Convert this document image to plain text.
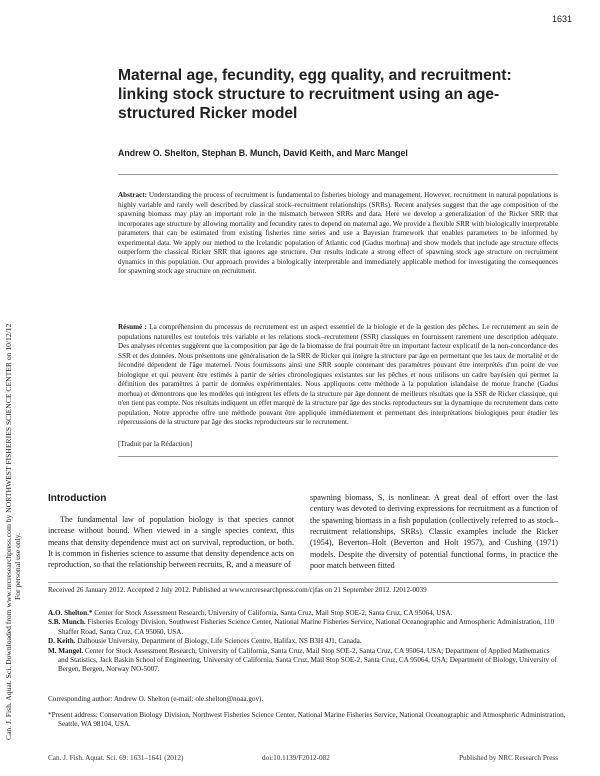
1631
Can. J. Fish. Aquat. Sci. Downloaded from www.nrcresearchpress.com by NORTHWEST FISHERIES SCIENCE CENTER on 10/12/12 For personal use only.
Maternal age, fecundity, egg quality, and recruitment: linking stock structure to recruitment using an age-structured Ricker model
Andrew O. Shelton, Stephan B. Munch, David Keith, and Marc Mangel
Abstract: Understanding the process of recruitment is fundamental to fisheries biology and management. However, recruitment in natural populations is highly variable and rarely well described by classical stock–recruitment relationships (SRRs). Recent analyses suggest that the age composition of the spawning biomass may play an important role in the mismatch between SRRs and data. Here we develop a generalization of the Ricker SRR that incorporates age structure by allowing mortality and fecundity rates to depend on maternal age. We provide a flexible SRR with biologically interpretable parameters that can be estimated from existing fisheries time series and use a Bayesian framework that enables parameters to be informed by experimental data. We apply our method to the Icelandic population of Atlantic cod (Gadus morhua) and show models that include age structure effects outperform the classical Ricker SRR that ignores age structure. Our results indicate a strong effect of spawning stock age structure on recruitment dynamics in this population. Our approach provides a biologically interpretable and immediately applicable method for investigating the consequences for spawning stock age structure on recruitment.
Résumé : La compréhension du processus de recrutement est un aspect essentiel de la biologie et de la gestion des pêches. Le recrutement au sein de populations naturelles est toutefois très variable et les relations stock–recrutement (SSR) classiques en fournissent rarement une description adéquate. Des analyses récentes suggèrent que la composition par âge de la biomasse de frai pourrait être un important facteur explicatif de la non-concordance des SSR et des données. Nous présentons une généralisation de la SRR de Ricker qui intègre la structure par âge en permettant que les taux de mortalité et de fécondité dépendent de l'âge maternel. Nous fournissons ainsi une SRR souple contenant des paramètres pouvant être interprétés d'un point de vue biologique et qui peuvent être estimés à partir de séries chronologiques existantes sur les pêches et nous utilisons un cadre bayésien qui permet la définition des paramètres à partir de données expérimentales. Nous appliquons cette méthode à la population islandaise de morue franche (Gadus morhua) et démontrons que les modèles qui intègrent les effets de la structure par âge donnent de meilleurs résultats que la SSR de Ricker classique, qui n'en tient pas compte. Nos résultats indiquent un effet marqué de la structure par âge des stocks reproducteurs sur la dynamique du recrutement dans cette population. Notre approche offre une méthode pouvant être appliquée immédiatement et permettant des interprétations biologiques pour étudier les répercussions de la structure par âge des stocks reproducteurs sur le recrutement.
[Traduit par la Rédaction]
Introduction
The fundamental law of population biology is that species cannot increase without bound. When viewed in a single species context, this means that density dependence must act on survival, reproduction, or both. It is common in fisheries science to assume that density dependence acts on reproduction, so that the relationship between recruits, R, and a measure of
spawning biomass, S, is nonlinear. A great deal of effort over the last century was devoted to deriving expressions for recruitment as a function of the spawning biomass in a fish population (collectively referred to as stock–recruitment relationships, SRRs). Classic examples include the Ricker (1954), Beverton–Holt (Beverton and Holt 1957), and Cushing (1971) models. Despite the diversity of potential functional forms, in practice the poor match between fitted
Received 26 January 2012. Accepted 2 July 2012. Published at www.nrcresearchpress.com/cjfas on 21 September 2012. J2012-0039
A.O. Shelton.* Center for Stock Assessment Research, University of California, Santa Cruz, Mail Stop SOE-2, Santa Cruz, CA 95064, USA.
S.B. Munch. Fisheries Ecology Division, Southwest Fisheries Science Center, National Marine Fisheries Service, National Oceanographic and Atmospheric Administration, 110 Shaffer Road, Santa Cruz, CA 95060, USA.
D. Keith. Dalhousie University, Department of Biology, Life Sciences Centre, Halifax, NS B3H 4J1, Canada.
M. Mangel. Center for Stock Assessment Research, University of California, Santa Cruz, Mail Stop SOE-2, Santa Cruz, CA 95064, USA; Department of Applied Mathematics and Statistics, Jack Baskin School of Engineering, University of California, Santa Cruz, Mail Stop SOE-2, Santa Cruz, CA 95064, USA; Department of Biology, University of Bergen, Bergen, Norway NO-5007.
Corresponding author: Andrew O. Shelton (e-mail: ole.shelton@noaa.gov).
*Present address: Conservation Biology Division, Northwest Fisheries Science Center, National Marine Fisheries Service, National Oceanographic and Atmospheric Administration, Seattle, WA 98104, USA.
Can. J. Fish. Aquat. Sci. 69: 1631–1641 (2012)	doi:10.1139/F2012-082	Published by NRC Research Press
